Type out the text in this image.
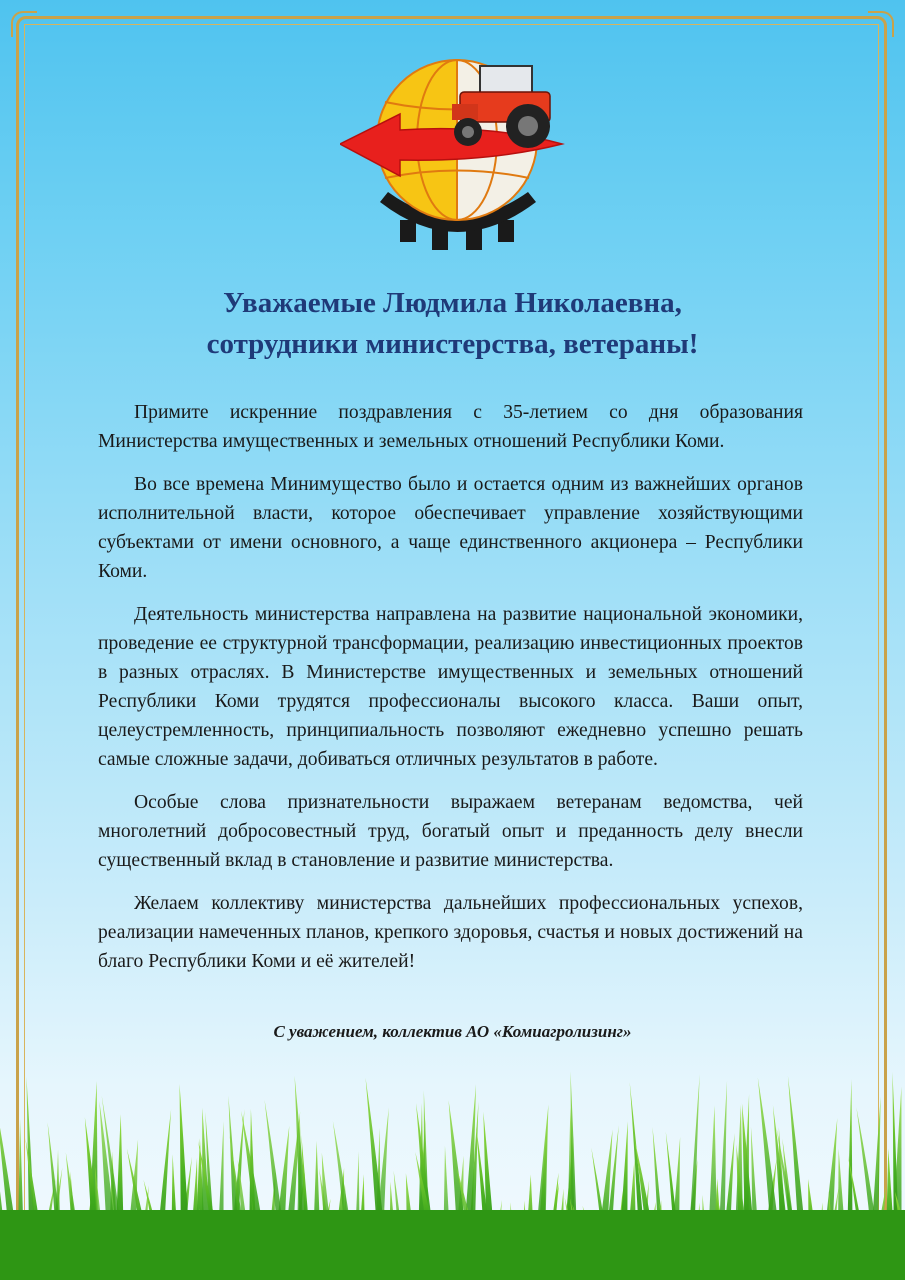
Уважаемые Людмила Николаевна,
сотрудники министерства, ветераны!

Примите искренние поздравления с 35-летием со дня образования Министерства имущественных и земельных отношений Республики Коми.

Во все времена Минимущество было и остается одним из важнейших органов исполнительной власти, которое обеспечивает управление хозяйствующими субъектами от имени основного, а чаще единственного акционера – Республики Коми.

Деятельность министерства направлена на развитие национальной экономики, проведение ее структурной трансформации, реализацию инвестиционных проектов в разных отраслях. В Министерстве имущественных и земельных отношений Республики Коми трудятся профессионалы высокого класса. Ваши опыт, целеустремленность, принципиальность позволяют ежедневно успешно решать самые сложные задачи, добиваться отличных результатов в работе.

Особые слова признательности выражаем ветеранам ведомства, чей многолетний добросовестный труд, богатый опыт и преданность делу внесли существенный вклад в становление и развитие министерства.

Желаем коллективу министерства дальнейших профессиональных успехов, реализации намеченных планов, крепкого здоровья, счастья и новых достижений на благо Республики Коми и её жителей!

С уважением, коллектив АО «Комиагролизинг»
